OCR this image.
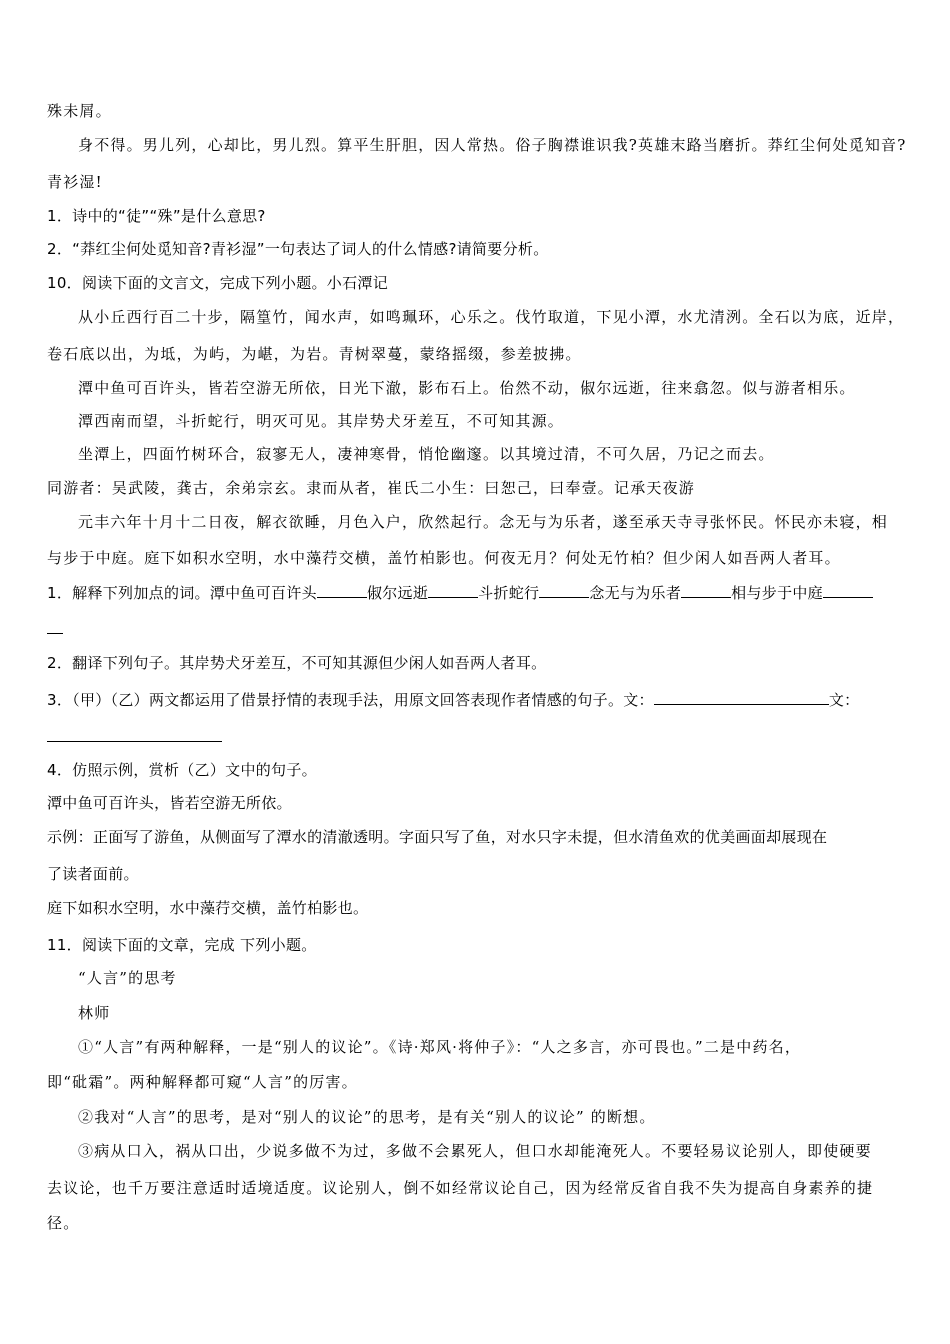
殊未屑。
身不得。男儿列，心却比，男儿烈。算平生肝胆，因人常热。俗子胸襟谁识我?英雄末路当磨折。莽红尘何处觅知音?
青衫湿!
1．诗中的“徒”“殊”是什么意思?
2．“莽红尘何处觅知音?青衫湿”一句表达了词人的什么情感?请简要分析。
10．阅读下面的文言文，完成下列小题。小石潭记
从小丘西行百二十步，隔篁竹，闻水声，如鸣珮环，心乐之。伐竹取道，下见小潭，水尤清洌。全石以为底，近岸，
卷石底以出，为坻，为屿，为嵁，为岩。青树翠蔓，蒙络摇缀，参差披拂。
潭中鱼可百许头，皆若空游无所依，日光下澈，影布石上。佁然不动，俶尔远逝，往来翕忽。似与游者相乐。
潭西南而望，斗折蛇行，明灭可见。其岸势犬牙差互，不可知其源。
坐潭上，四面竹树环合，寂寥无人，凄神寒骨，悄怆幽邃。以其境过清，不可久居，乃记之而去。
同游者：吴武陵，龚古，余弟宗玄。隶而从者，崔氏二小生：曰恕己，曰奉壹。记承天夜游
元丰六年十月十二日夜，解衣欲睡，月色入户，欣然起行。念无与为乐者，遂至承天寺寻张怀民。怀民亦未寝，相
与步于中庭。庭下如积水空明，水中藻荇交横，盖竹柏影也。何夜无月？何处无竹柏？但少闲人如吾两人者耳。
1．解释下列加点的词。潭中鱼可百许头	俶尔远逝	斗折蛇行	念无与为乐者	相与步于中庭
2．翻译下列句子。其岸势犬牙差互，不可知其源但少闲人如吾两人者耳。
3．（甲）（乙）两文都运用了借景抒情的表现手法，用原文回答表现作者情感的句子。文：	文：
4．仿照示例，赏析（乙）文中的句子。
潭中鱼可百许头，皆若空游无所依。
示例：正面写了游鱼，从侧面写了潭水的清澈透明。字面只写了鱼，对水只字未提，但水清鱼欢的优美画面却展现在
了读者面前。
庭下如积水空明，水中藻荇交横，盖竹柏影也。
11．阅读下面的文章，完成 下列小题。
“人言”的思考
林师
①“人言”有两种解释，一是“别人的议论”。《诗·郑风·将仲子》：“人之多言，亦可畏也。”二是中药名，
即“砒霜”。两种解释都可窥“人言”的厉害。
②我对“人言”的思考，是对“别人的议论”的思考，是有关“别人的议论” 的断想。
③病从口入，祸从口出，少说多做不为过，多做不会累死人，但口水却能淹死人。不要轻易议论别人，即使硬要
去议论，也千万要注意适时适境适度。议论别人，倒不如经常议论自己，因为经常反省自我不失为提高自身素养的捷
径。
